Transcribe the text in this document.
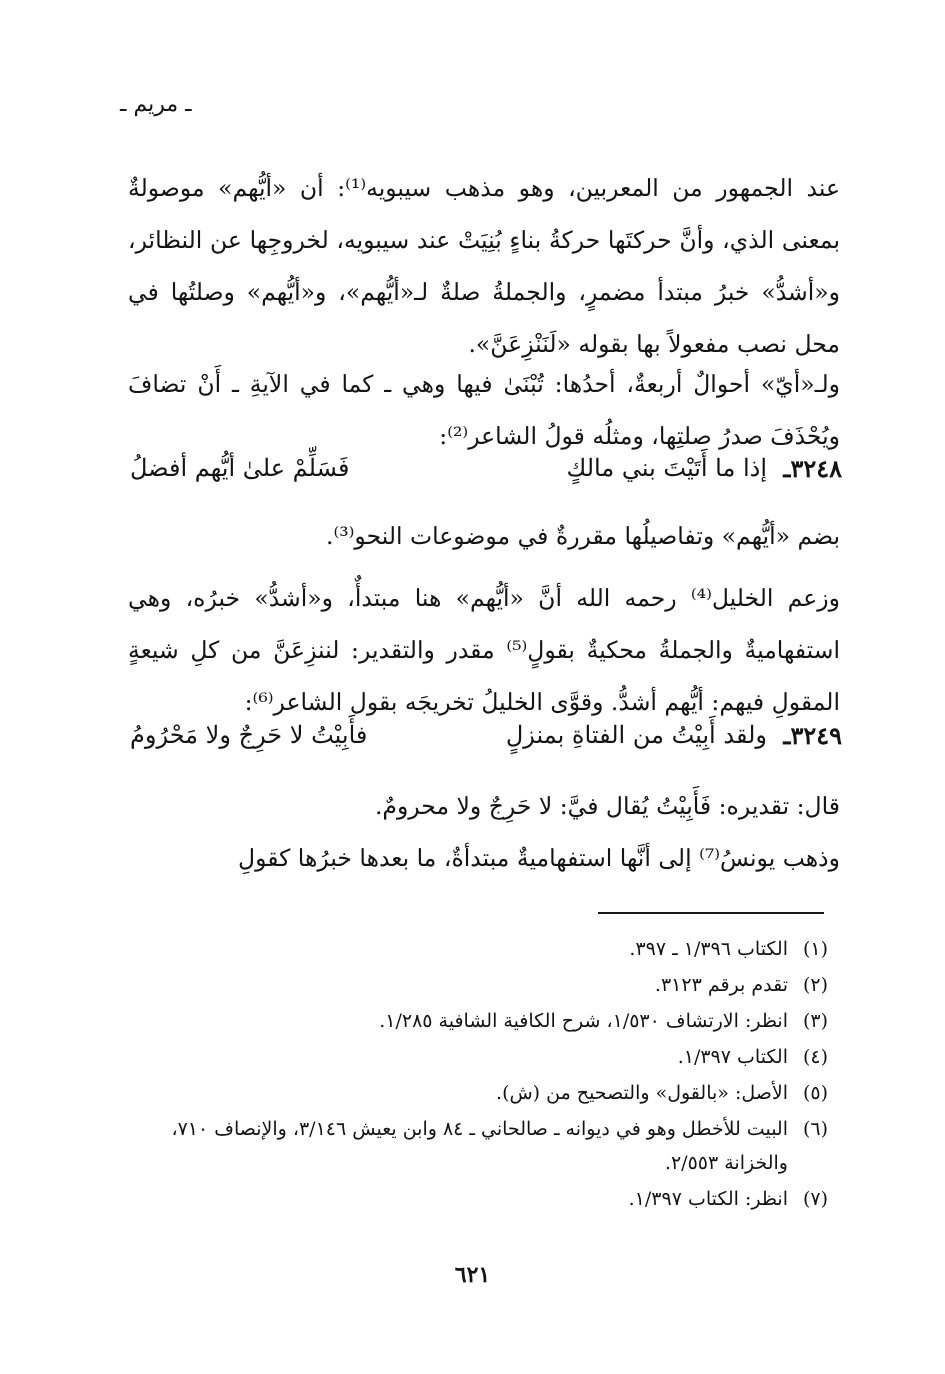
ـ مريم ـ

عند الجمهور من المعربين، وهو مذهب سيبويه⁽¹⁾: أن «أيُّهم» موصولةٌ بمعنى الذي، وأنَّ حركتَها حركةُ بناءٍ بُنِيَتْ عند سيبويه، لخروجِها عن النظائر، و«أشدُّ» خبرُ مبتدأ مضمرٍ، والجملةُ صلةٌ لـ«أيُّهم»، و«أيُّهم» وصلتُها في محل نصب مفعولاً بها بقوله «لَنَنْزِعَنَّ».

ولـ«أيّ» أحوالٌ أربعةٌ، أحدُها: تُبْنَىٰ فيها وهي ـ كما في الآيةِ ـ أَنْ تضافَ ويُحْذَفَ صدرُ صلتِها، ومثلُه قولُ الشاعر⁽²⁾:

٣٢٤٨ـ
إذا ما أَتَيْتَ بني مالكٍ
فَسَلِّمْ علىٰ أيُّهم أفضلُ

بضم «أيُّهم» وتفاصيلُها مقررةٌ في موضوعات النحو⁽³⁾.

وزعم الخليل⁽⁴⁾ رحمه الله أنَّ «أيُّهم» هنا مبتدأٌ، و«أشدُّ» خبرُه، وهي استفهاميةٌ والجملةُ محكيةٌ بقولٍ⁽⁵⁾ مقدر والتقدير: لننزِعَنَّ من كلِ شيعةٍ المقولِ فيهم: أيُّهم أشدُّ. وقوَّى الخليلُ تخريجَه بقول الشاعر⁽⁶⁾:

٣٢٤٩ـ
ولقد أَبِيْتُ من الفتاةِ بمنزلٍ
فأَبِيْتُ لا حَرِجٌ ولا مَحْرُومُ

قال: تقديره: فَأَبِيْتُ يُقال فيَّ: لا حَرِجٌ ولا محرومٌ.

وذهب يونسُ⁽⁷⁾ إلى أنَّها استفهاميةٌ مبتدأةٌ، ما بعدها خبرُها كقولِ

(١)
الكتاب ١/٣٩٦ ـ ٣٩٧.
(٢)
تقدم برقم ٣١٢٣.
(٣)
انظر: الارتشاف ١/٥٣٠، شرح الكافية الشافية ١/٢٨٥.
(٤)
الكتاب ١/٣٩٧.
(٥)
الأصل: «بالقول» والتصحيح من (ش).
(٦)
البيت للأخطل وهو في ديوانه ـ صالحاني ـ ٨٤ وابن يعيش ٣/١٤٦، والإنصاف ٧١٠، والخزانة ٢/٥٥٣.
(٧)
انظر: الكتاب ١/٣٩٧.
٦٢١
